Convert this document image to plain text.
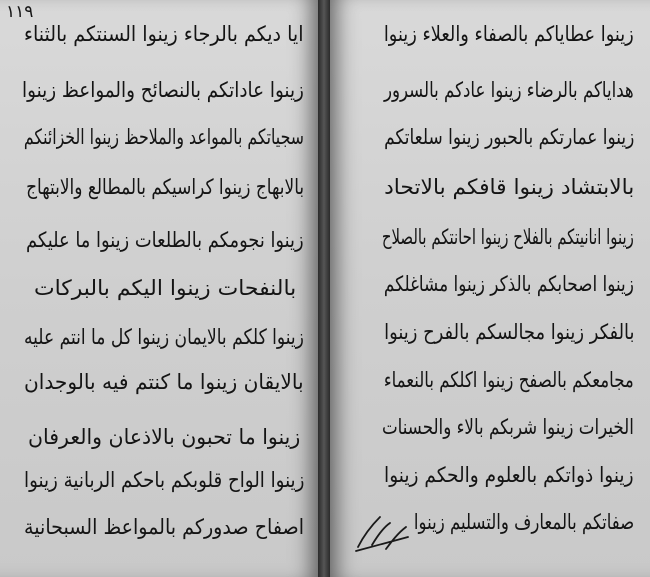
١١٩
ايا ديكم بالرجاء زينوا السنتكم بالثناء
زينوا عاداتكم بالنصائح والمواعظ زينوا
سجياتكم بالمواعد والملاحظ زينوا الخزائنكم
بالابهاج زينوا كراسيكم بالمطالع والابتهاج
زينوا نجومكم بالطلعات زينوا ما عليكم
بالنفحات زينوا اليكم بالبركات
زينوا كلكم بالايمان زينوا كل ما انتم عليه
بالايقان زينوا ما كنتم فيه بالوجدان
زينوا ما تحبون بالاذعان والعرفان
زينوا الواح قلوبكم باحكم الربانية زينوا
اصفاح صدوركم بالمواعظ السبحانية
زينوا عطاياكم بالصفاء والعلاء زينوا
هداياكم بالرضاء زينوا عادكم بالسرور
زينوا عمارتكم بالحبور زينوا سلعاتكم
بالابتشاد زينوا قافكم بالاتحاد
زينوا انانيتكم بالفلاح زينوا احانتكم بالصلاح
زينوا اصحابكم بالذكر زينوا مشاغلكم
بالفكر زينوا مجالسكم بالفرح زينوا
مجامعكم بالصفح زينوا اكلكم بالنعماء
الخيرات زينوا شربكم بالاء والحسنات
زينوا ذواتكم بالعلوم والحكم زينوا
صفاتكم بالمعارف والتسليم زينوا
